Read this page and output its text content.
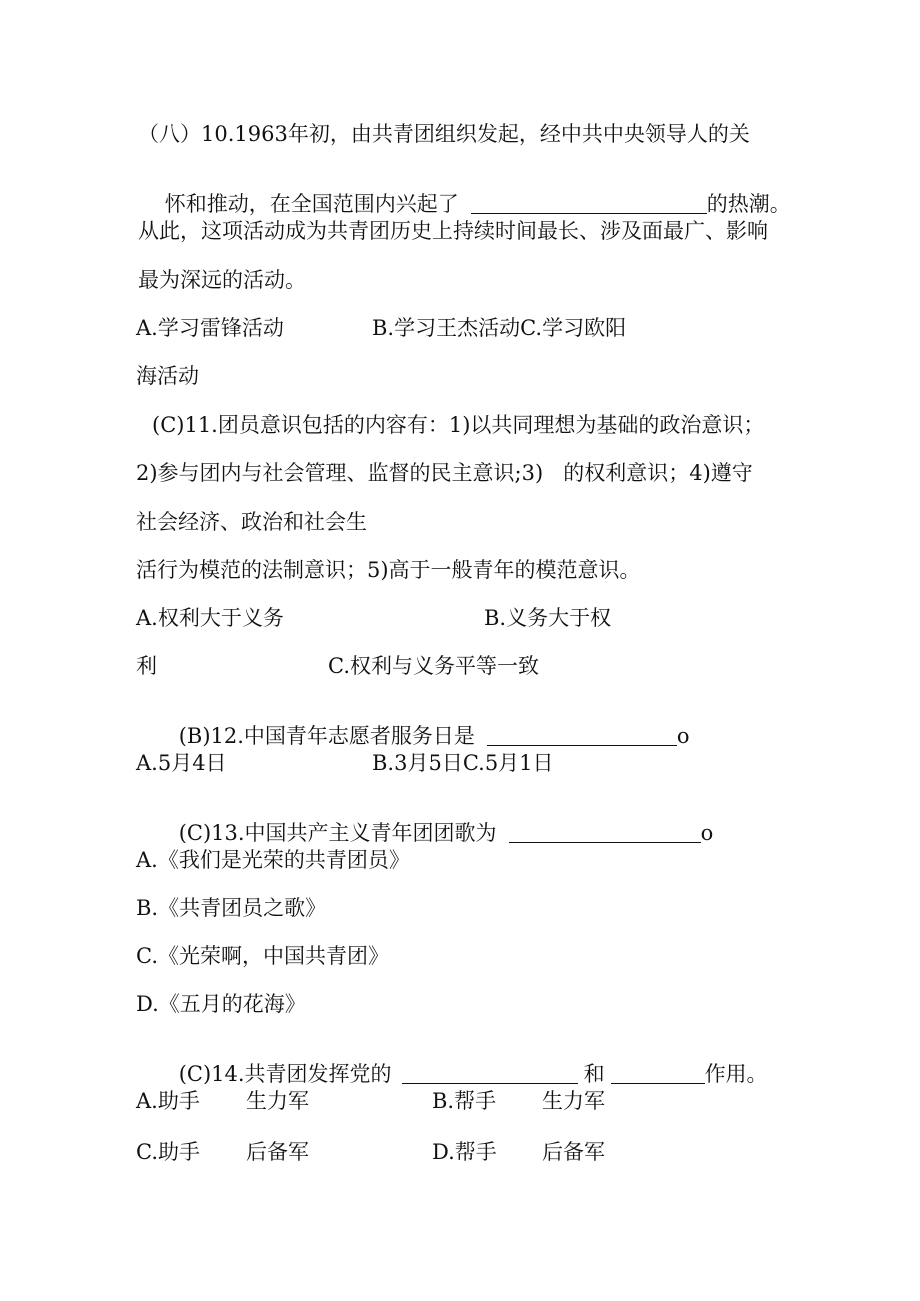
（八）10.1963年初，由共青团组织发起，经中共中央领导人的关

怀和推动，在全国范围内兴起了	的热潮。

从此，这项活动成为共青团历史上持续时间最长、涉及面最广、影响
最为深远的活动。
A.学习雷锋活动	B.学习王杰活动C.学习欧阳
海活动
(C)11.团员意识包括的内容有：1)以共同理想为基础的政治意识；
2)参与团内与社会管理、监督的民主意识;3)   的权利意识；4)遵守
社会经济、政治和社会生
活行为模范的法制意识；5)高于一般青年的模范意识。
A.权利大于义务	B.义务大于权
利	C.权利与义务平等一致

(B)12.中国青年志愿者服务日是	o

A.5月4日	B.3月5日C.5月1日

(C)13.中国共产主义青年团团歌为	o

A.《我们是光荣的共青团员》
B.《共青团员之歌》
C.《光荣啊，中国共青团》
D.《五月的花海》

(C)14.共青团发挥党的	和	作用。

A.助手 生力军	B.帮手 生力军
C.助手 后备军	D.帮手 后备军
